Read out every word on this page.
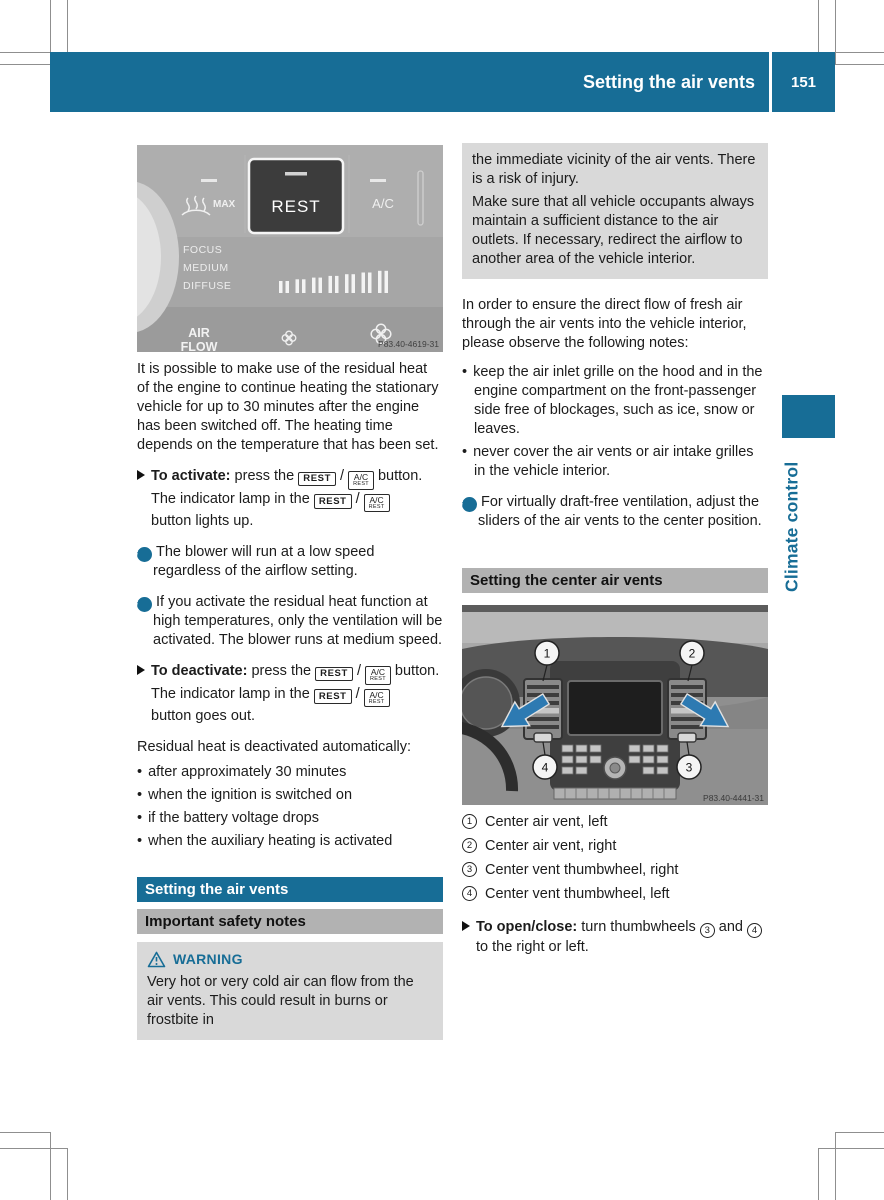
Setting the air vents	151
Climate control
MAX REST	A/C
FOCUS
MEDIUM
DIFFUSE
AIR
FLOW	P83.40-4619-31

It is possible to make use of the residual heat of the engine to continue heating the stationary vehicle for up to 30 minutes after the engine has been switched off. The heating time depends on the temperature that has been set.

To activate: press the REST / A/C
REST button.
The indicator lamp in the REST / A/C
REST

button lights up.
iThe blower will run at a low speed regardless of the airflow setting.
iIf you activate the residual heat function at high temperatures, only the ventilation will be activated. The blower runs at medium speed.
To deactivate: press the REST / A/C
REST button.
The indicator lamp in the REST / A/C
REST

button goes out.

Residual heat is deactivated automatically:

• after approximately 30 minutes
• when the ignition is switched on
• if the battery voltage drops
• when the auxiliary heating is activated
Setting the air vents
Important safety notes
WARNING
Very hot or very cold air can flow from the air vents. This could result in burns or frostbite in

the immediate vicinity of the air vents. There is a risk of injury.

Make sure that all vehicle occupants always maintain a sufficient distance to the air outlets. If necessary, redirect the airflow to another area of the vehicle interior.

In order to ensure the direct flow of fresh air through the air vents into the vehicle interior, please observe the following notes:

• keep the air inlet grille on the hood and in the engine compartment on the front-passenger side free of blockages, such as ice, snow or leaves.
• never cover the air vents or air intake grilles in the vehicle interior.
iFor virtually draft-free ventilation, adjust the sliders of the air vents to the center position.
Setting the center air vents
1	2
3
4
P83.40-4441-31
1 Center air vent, left
2 Center air vent, right
3 Center vent thumbwheel, right
4 Center vent thumbwheel, left
To open/close: turn thumbwheels 3 and 4 to the right or left.
